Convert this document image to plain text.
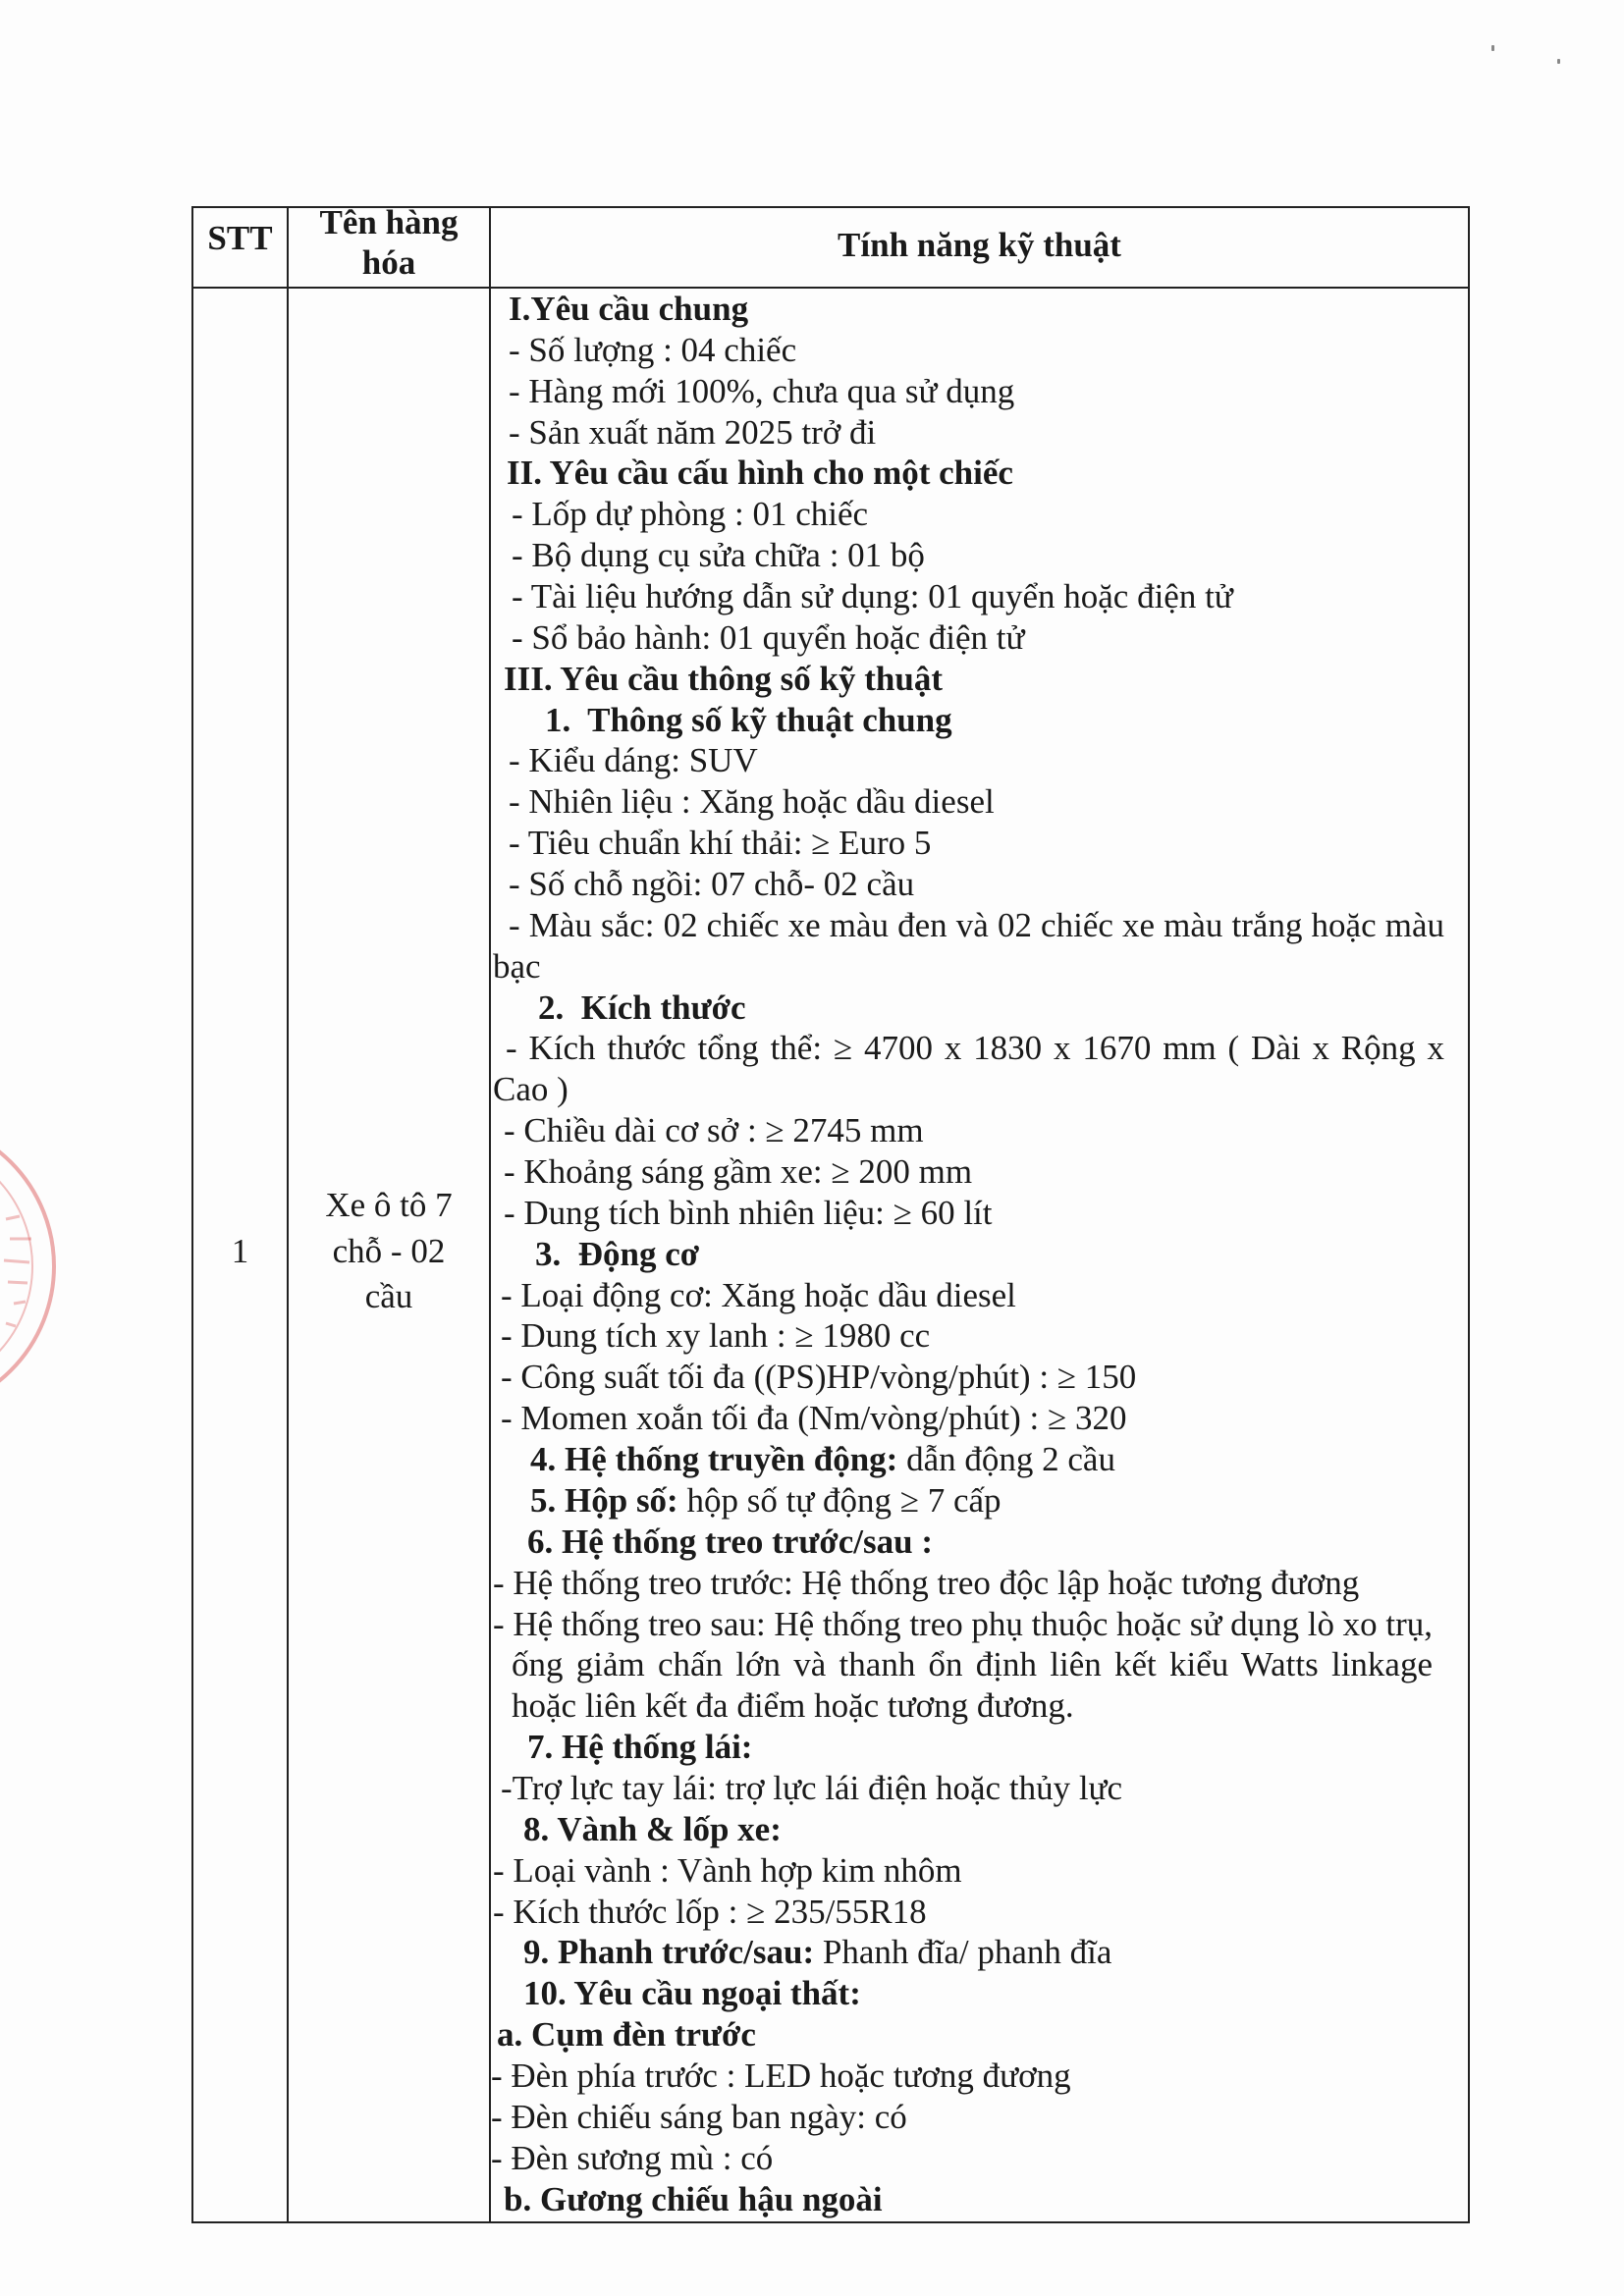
STT	Tên hàng
hóa	Tính năng kỹ thuật
1
Xe ô tô 7
chỗ - 02
cầu
I.Yêu cầu chung
- Số lượng : 04 chiếc
- Hàng mới 100%, chưa qua sử dụng
- Sản xuất năm 2025 trở đi
II. Yêu cầu cấu hình cho một chiếc
- Lốp dự phòng : 01 chiếc
- Bộ dụng cụ sửa chữa : 01 bộ
- Tài liệu hướng dẫn sử dụng: 01 quyển hoặc điện tử
- Sổ bảo hành: 01 quyển hoặc điện tử
III. Yêu cầu thông số kỹ thuật
1.  Thông số kỹ thuật chung
- Kiểu dáng: SUV
- Nhiên liệu : Xăng hoặc dầu diesel
- Tiêu chuẩn khí thải: ≥ Euro 5
- Số chỗ ngồi: 07 chỗ- 02 cầu
- Màu sắc: 02 chiếc xe màu đen và 02 chiếc xe màu trắng hoặc màu
bạc
2.  Kích thước
- Kích thước tổng thể: ≥ 4700 x 1830 x 1670 mm ( Dài x Rộng x
Cao )
- Chiều dài cơ sở : ≥ 2745 mm
- Khoảng sáng gầm xe: ≥ 200 mm
- Dung tích bình nhiên liệu: ≥ 60 lít
3.  Động cơ
- Loại động cơ: Xăng hoặc dầu diesel
- Dung tích xy lanh : ≥ 1980 cc
- Công suất tối đa ((PS)HP/vòng/phút) : ≥ 150
- Momen xoắn tối đa (Nm/vòng/phút) : ≥ 320
4. Hệ thống truyền động: dẫn động 2 cầu
5. Hộp số: hộp số tự động ≥ 7 cấp
6. Hệ thống treo trước/sau :
- Hệ thống treo trước: Hệ thống treo độc lập hoặc tương đương
- Hệ thống treo sau: Hệ thống treo phụ thuộc hoặc sử dụng lò xo trụ,
ống giảm chấn lớn và thanh ổn định liên kết kiểu Watts linkage
hoặc liên kết đa điểm hoặc tương đương.
7. Hệ thống lái:
-Trợ lực tay lái: trợ lực lái điện hoặc thủy lực
8. Vành & lốp xe:
- Loại vành : Vành hợp kim nhôm
- Kích thước lốp : ≥ 235/55R18
9. Phanh trước/sau: Phanh đĩa/ phanh đĩa
10. Yêu cầu ngoại thất:
a. Cụm đèn trước
- Đèn phía trước : LED hoặc tương đương
- Đèn chiếu sáng ban ngày: có
- Đèn sương mù : có
b. Gương chiếu hậu ngoài
